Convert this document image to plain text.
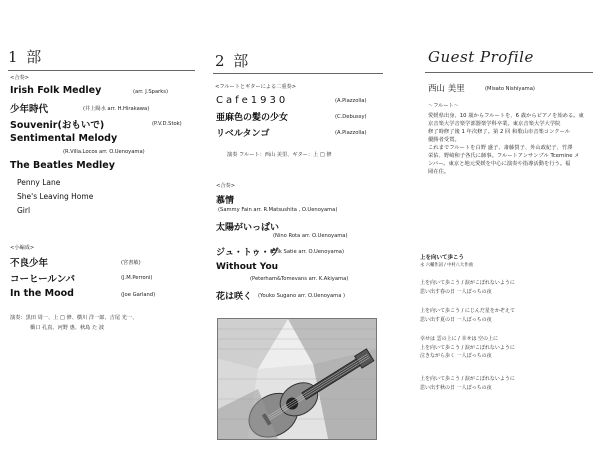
1 部
<合奏>
Irish Folk Medley	(arr. J.Sparks)
少年時代	(井上陽水 arr. H.Hirakawa)
Souvenir(おもいで)	(P.V.D.Stok)
Sentimental Melody
(R.Villa.Locos arr. O.Uenoyama)
The Beatles Medley
Penny Lane
She's Leaving Home
Girl
<小編成>
不良少年	(宮書敏)
コーヒールンバ	(J.M.Perroni)
In the Mood	(Joe Garland)
演奏：黒田 周一、上 □ 修、横川 洋一郎、吉尾 光一、
橋口 孔真、河野 惠、秋島 た 波
2 部
<フルートとギターによる二重奏>
Cafe1930	(A.Piazzolla)
亜麻色の髪の少女	(C.Debussy)
リベルタンゴ	(A.Piazzolla)
演奏 フルート：西山 美里、ギター：上 □ 修
<合奏>
慕情
(Sammy Fain arr. R.Matsushita , O.Uenoyama)
太陽がいっぱい
(Nino Rota arr. O.Uenoyama)
ジュ・トゥ・ヴ
(Erik Satie arr. O.Uenoyama)
Without You
(Peterham&Tomevans arr. K.Akiyama)
花は咲く (Youko Sugano arr. O.Uenoyama )
Guest Profile
西山 美里	(Misato Nishiyama)
～フルート～
愛媛県出身、10 歳からフルートを、6 歳からピアノを始める。東
京音楽大学音楽学部器楽学科卒業。東京音楽大学大学院
修了時修了後 1 年次修了。第 2 回 和歌山市音楽コンクール
優勝者受賞。
これまでフルートを白野 盛子、斎藤賀子、外山政紀子、竹澤
栄佑、野崎和子各氏に師事。フルートアンサンブル Tcernine メ
ンバー。東京と地元愛媛を中心に演奏や指導活動を行う。福
岡在住。
上を向いて歩こう
永 六輔作詞 / 中村八大作曲
上を向いて歩こう / 涙がこぼれないように
思い出す春の日 一人ぼっちの夜
上を向いて歩こう / にじんだ星をかぞえて
思い出す夏の日 一人ぼっちの夜
幸せは 雲の上に / 幸せは 空の上に
上を向いて歩こう / 涙がこぼれないように
泣きながら歩く 一人ぼっちの夜
上を向いて歩こう / 涙がこぼれないように
思い出す秋の日 一人ぼっちの夜
